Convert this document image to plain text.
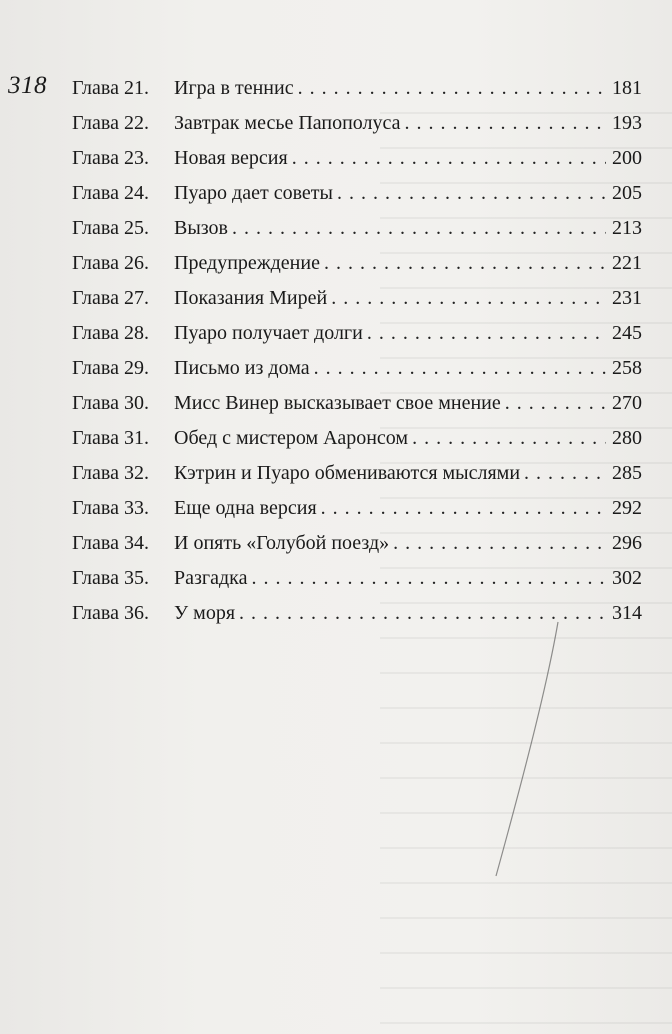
318 Глава 21.	Игра в теннис . . .	181
Глава 22.	Завтрак месье Папополуса . . .	193
Глава 23.	Новая версия . . .	200
Глава 24.	Пуаро дает советы . . .	205
Глава 25.	Вызов . . .	213
Глава 26.	Предупреждение . . .	221
Глава 27.	Показания Мирей . . .	231
Глава 28.	Пуаро получает долги . . .	245
Глава 29.	Письмо из дома . . .	258
Глава 30.	Мисс Винер высказывает свое мнение . . .	270
Глава 31.	Обед с мистером Ааронсом . . .	280
Глава 32.	Кэтрин и Пуаро обмениваются мыслями . . .	285
Глава 33.	Еще одна версия . . .	292
Глава 34.	И опять «Голубой поезд» . . .	296
Глава 35.	Разгадка . . .	302
Глава 36.	У моря . . .	314
